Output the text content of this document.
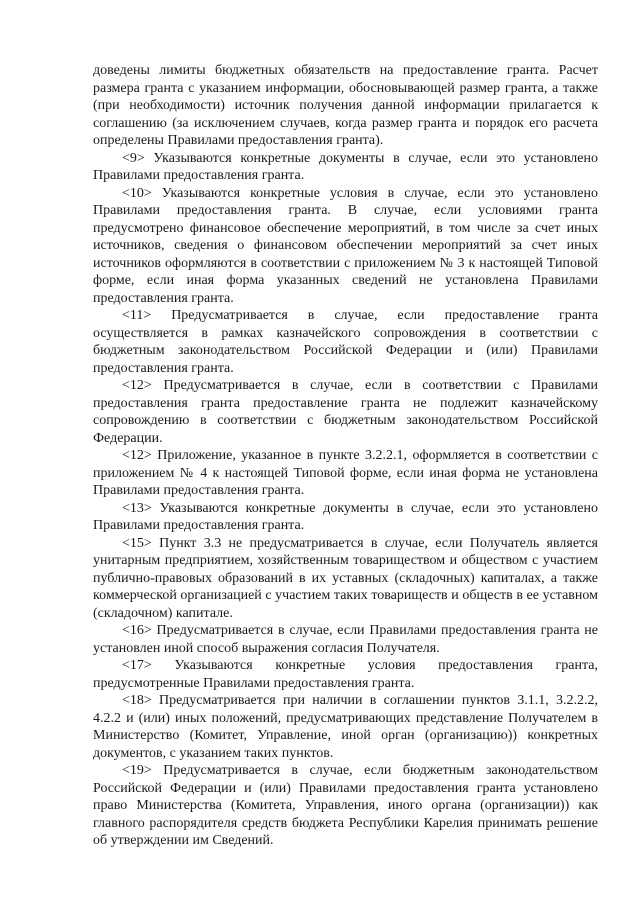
доведены лимиты бюджетных обязательств на предоставление гранта. Расчет размера гранта с указанием информации, обосновывающей размер гранта, а также (при необходимости) источник получения данной информации прилагается к соглашению (за исключением случаев, когда размер гранта и порядок его расчета определены Правилами предоставления гранта).

<9> Указываются конкретные документы в случае, если это установлено Правилами предоставления гранта.

<10> Указываются конкретные условия в случае, если это установлено Правилами предоставления гранта. В случае, если условиями гранта предусмотрено финансовое обеспечение мероприятий, в том числе за счет иных источников, сведения о финансовом обеспечении мероприятий за счет иных источников оформляются в соответствии с приложением № 3 к настоящей Типовой форме, если иная форма указанных сведений не установлена Правилами предоставления гранта.

<11> Предусматривается в случае, если предоставление гранта осуществляется в рамках казначейского сопровождения в соответствии с бюджетным законодательством Российской Федерации и (или) Правилами предоставления гранта.

<12> Предусматривается в случае, если в соответствии с Правилами предоставления гранта предоставление гранта не подлежит казначейскому сопровождению в соответствии с бюджетным законодательством Российской Федерации.

<12> Приложение, указанное в пункте 3.2.2.1, оформляется в соответствии с приложением № 4 к настоящей Типовой форме, если иная форма не установлена Правилами предоставления гранта.

<13> Указываются конкретные документы в случае, если это установлено Правилами предоставления гранта.

<15> Пункт 3.3 не предусматривается в случае, если Получатель является унитарным предприятием, хозяйственным товариществом и обществом с участием публично-правовых образований в их уставных (складочных) капиталах, а также коммерческой организацией с участием таких товариществ и обществ в ее уставном (складочном) капитале.

<16> Предусматривается в случае, если Правилами предоставления гранта не установлен иной способ выражения согласия Получателя.

<17> Указываются конкретные условия предоставления гранта, предусмотренные Правилами предоставления гранта.

<18> Предусматривается при наличии в соглашении пунктов 3.1.1, 3.2.2.2, 4.2.2 и (или) иных положений, предусматривающих представление Получателем в Министерство (Комитет, Управление, иной орган (организацию)) конкретных документов, с указанием таких пунктов.

<19> Предусматривается в случае, если бюджетным законодательством Российской Федерации и (или) Правилами предоставления гранта установлено право Министерства (Комитета, Управления, иного органа (организации)) как главного распорядителя средств бюджета Республики Карелия принимать решение об утверждении им Сведений.
